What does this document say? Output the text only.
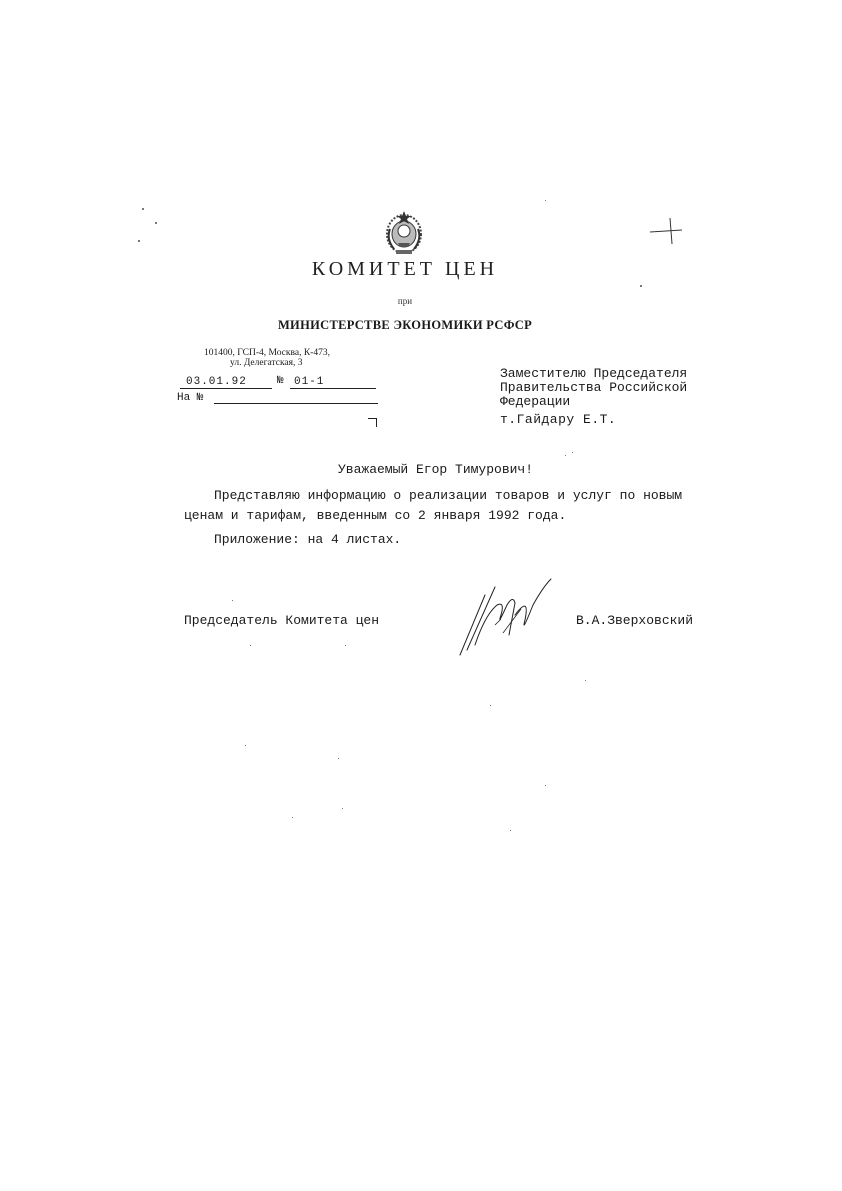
КОМИТЕТ ЦЕН
при
МИНИСТЕРСТВЕ ЭКОНОМИКИ РСФСР
101400, ГСП-4, Москва, К-473,
ул. Делегатская, 3
03.01.92	№ 01-1
На №
Заместителю Председателя
Правительства Российской
Федерации
т.Гайдару Е.Т.
Уважаемый Егор Тимурович!
Представляю информацию о реализации товаров и услуг по новым
ценам и тарифам, введенным со 2 января 1992 года.
Приложение: на 4 листах.
Председатель Комитета цен	В.А.Зверховский
